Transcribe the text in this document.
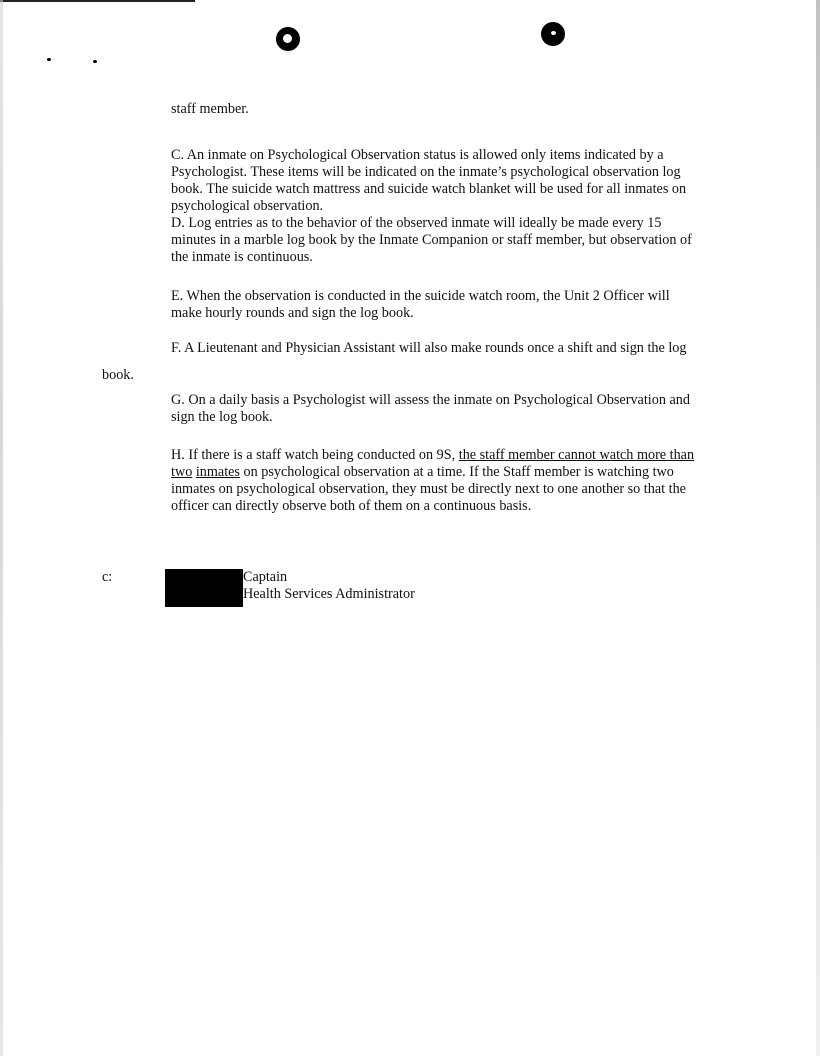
staff member.
C. An inmate on Psychological Observation status is allowed only items indicated by a
Psychologist. These items will be indicated on the inmate’s psychological observation log
book. The suicide watch mattress and suicide watch blanket will be used for all inmates on
psychological observation.
D. Log entries as to the behavior of the observed inmate will ideally be made every 15
minutes in a marble log book by the Inmate Companion or staff member, but observation of
the inmate is continuous.
E. When the observation is conducted in the suicide watch room, the Unit 2 Officer will
make hourly rounds and sign the log book.
F. A Lieutenant and Physician Assistant will also make rounds once a shift and sign the log
book.
G. On a daily basis a Psychologist will assess the inmate on Psychological Observation and
sign the log book.
H. If there is a staff watch being conducted on 9S, the staff member cannot watch more than
two inmates on psychological observation at a time. If the Staff member is watching two
inmates on psychological observation, they must be directly next to one another so that the
officer can directly observe both of them on a continuous basis.
c:	Captain
Health Services Administrator
